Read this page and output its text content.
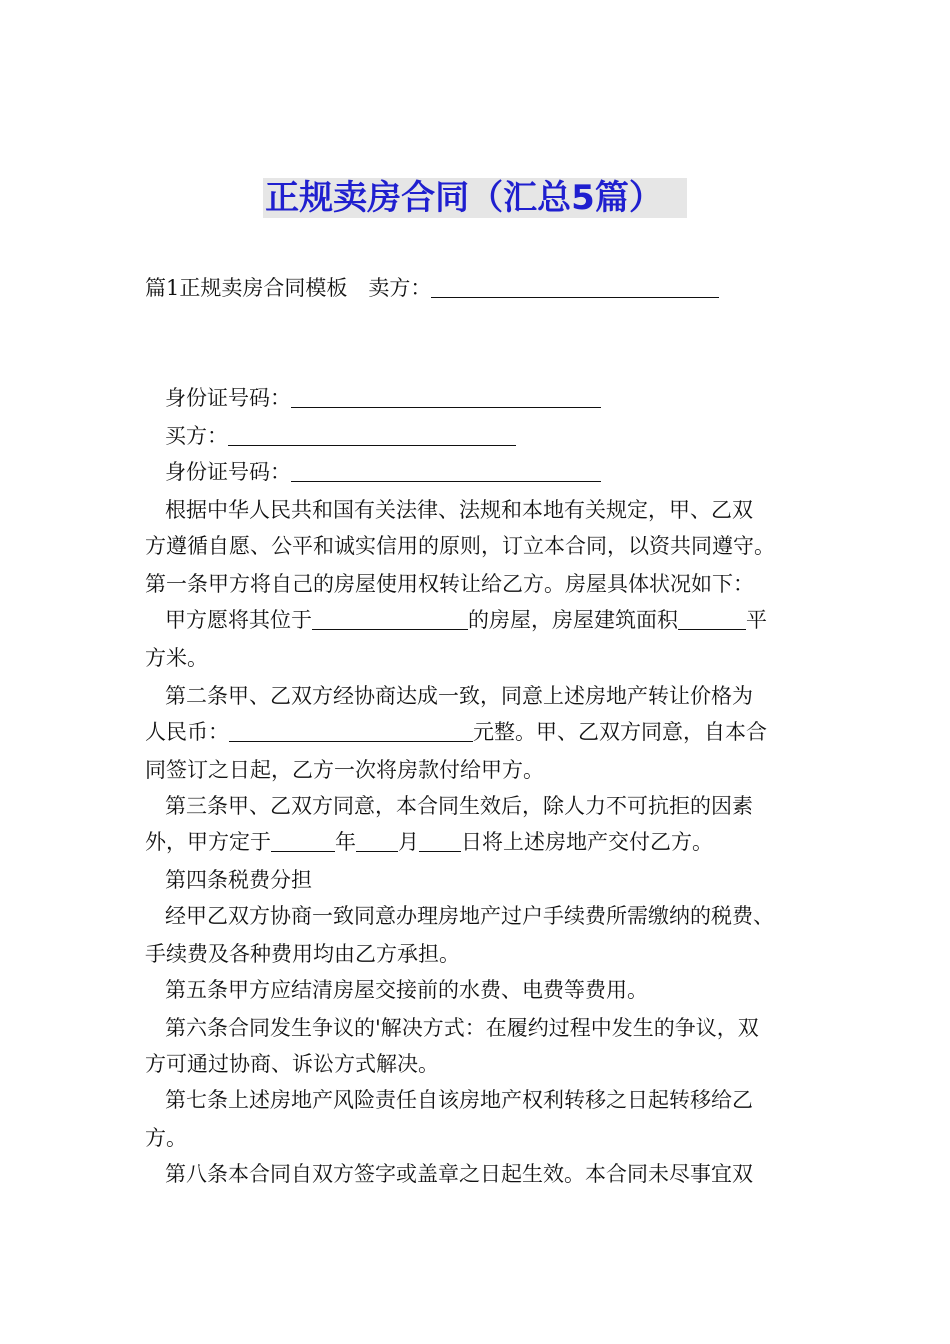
正规卖房合同（汇总5篇）
篇1正规卖房合同模板　卖方：
身份证号码：
买方：
身份证号码：
根据中华人民共和国有关法律、法规和本地有关规定，甲、乙双
方遵循自愿、公平和诚实信用的原则，订立本合同，以资共同遵守。
第一条甲方将自己的房屋使用权转让给乙方。房屋具体状况如下：
甲方愿将其位于	的房屋，房屋建筑面积	平
方米。
第二条甲、乙双方经协商达成一致，同意上述房地产转让价格为
人民币：	元整。甲、乙双方同意，自本合
同签订之日起，乙方一次将房款付给甲方。
第三条甲、乙双方同意，本合同生效后，除人力不可抗拒的因素
外，甲方定于	年 月 日将上述房地产交付乙方。
第四条税费分担
经甲乙双方协商一致同意办理房地产过户手续费所需缴纳的税费、
手续费及各种费用均由乙方承担。
第五条甲方应结清房屋交接前的水费、电费等费用。
第六条合同发生争议的'解决方式：在履约过程中发生的争议，双
方可通过协商、诉讼方式解决。
第七条上述房地产风险责任自该房地产权利转移之日起转移给乙
方。
第八条本合同自双方签字或盖章之日起生效。本合同未尽事宜双
